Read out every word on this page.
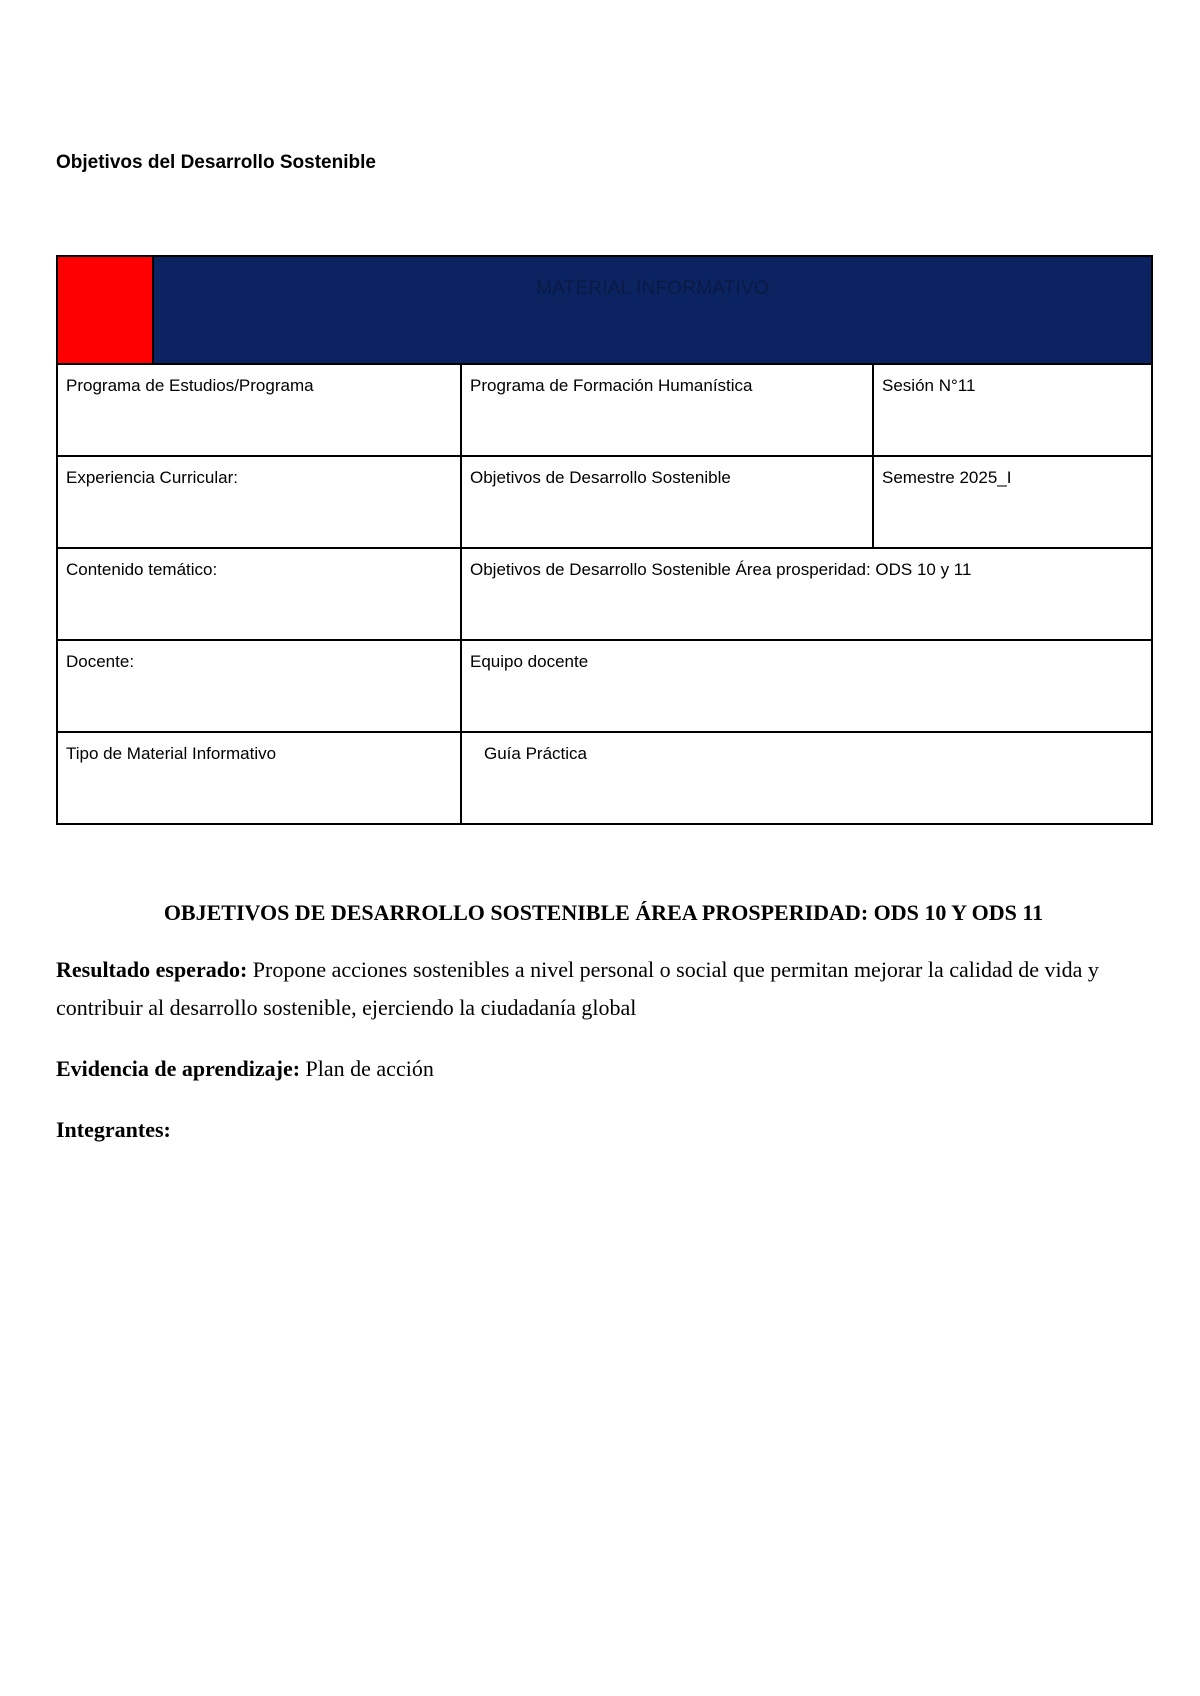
Objetivos del Desarrollo Sostenible

	MATERIAL INFORMATIVO		

Programa de Estudios/Programa		Programa de Formación Humanística	Sesión N°11
Experiencia Curricular:		Objetivos de Desarrollo Sostenible	Semestre 2025_I
Contenido temático:		Objetivos de Desarrollo Sostenible Área prosperidad: ODS 10 y 11	
Docente:		Equipo docente	
Tipo de Material Informativo		Guía Práctica	
OBJETIVOS DE DESARROLLO SOSTENIBLE ÁREA PROSPERIDAD: ODS 10 Y ODS 11
Resultado esperado: Propone acciones sostenibles a nivel personal o social que permitan mejorar la calidad de vida y contribuir al desarrollo sostenible, ejerciendo la ciudadanía global
Evidencia de aprendizaje: Plan de acción
Integrantes:
